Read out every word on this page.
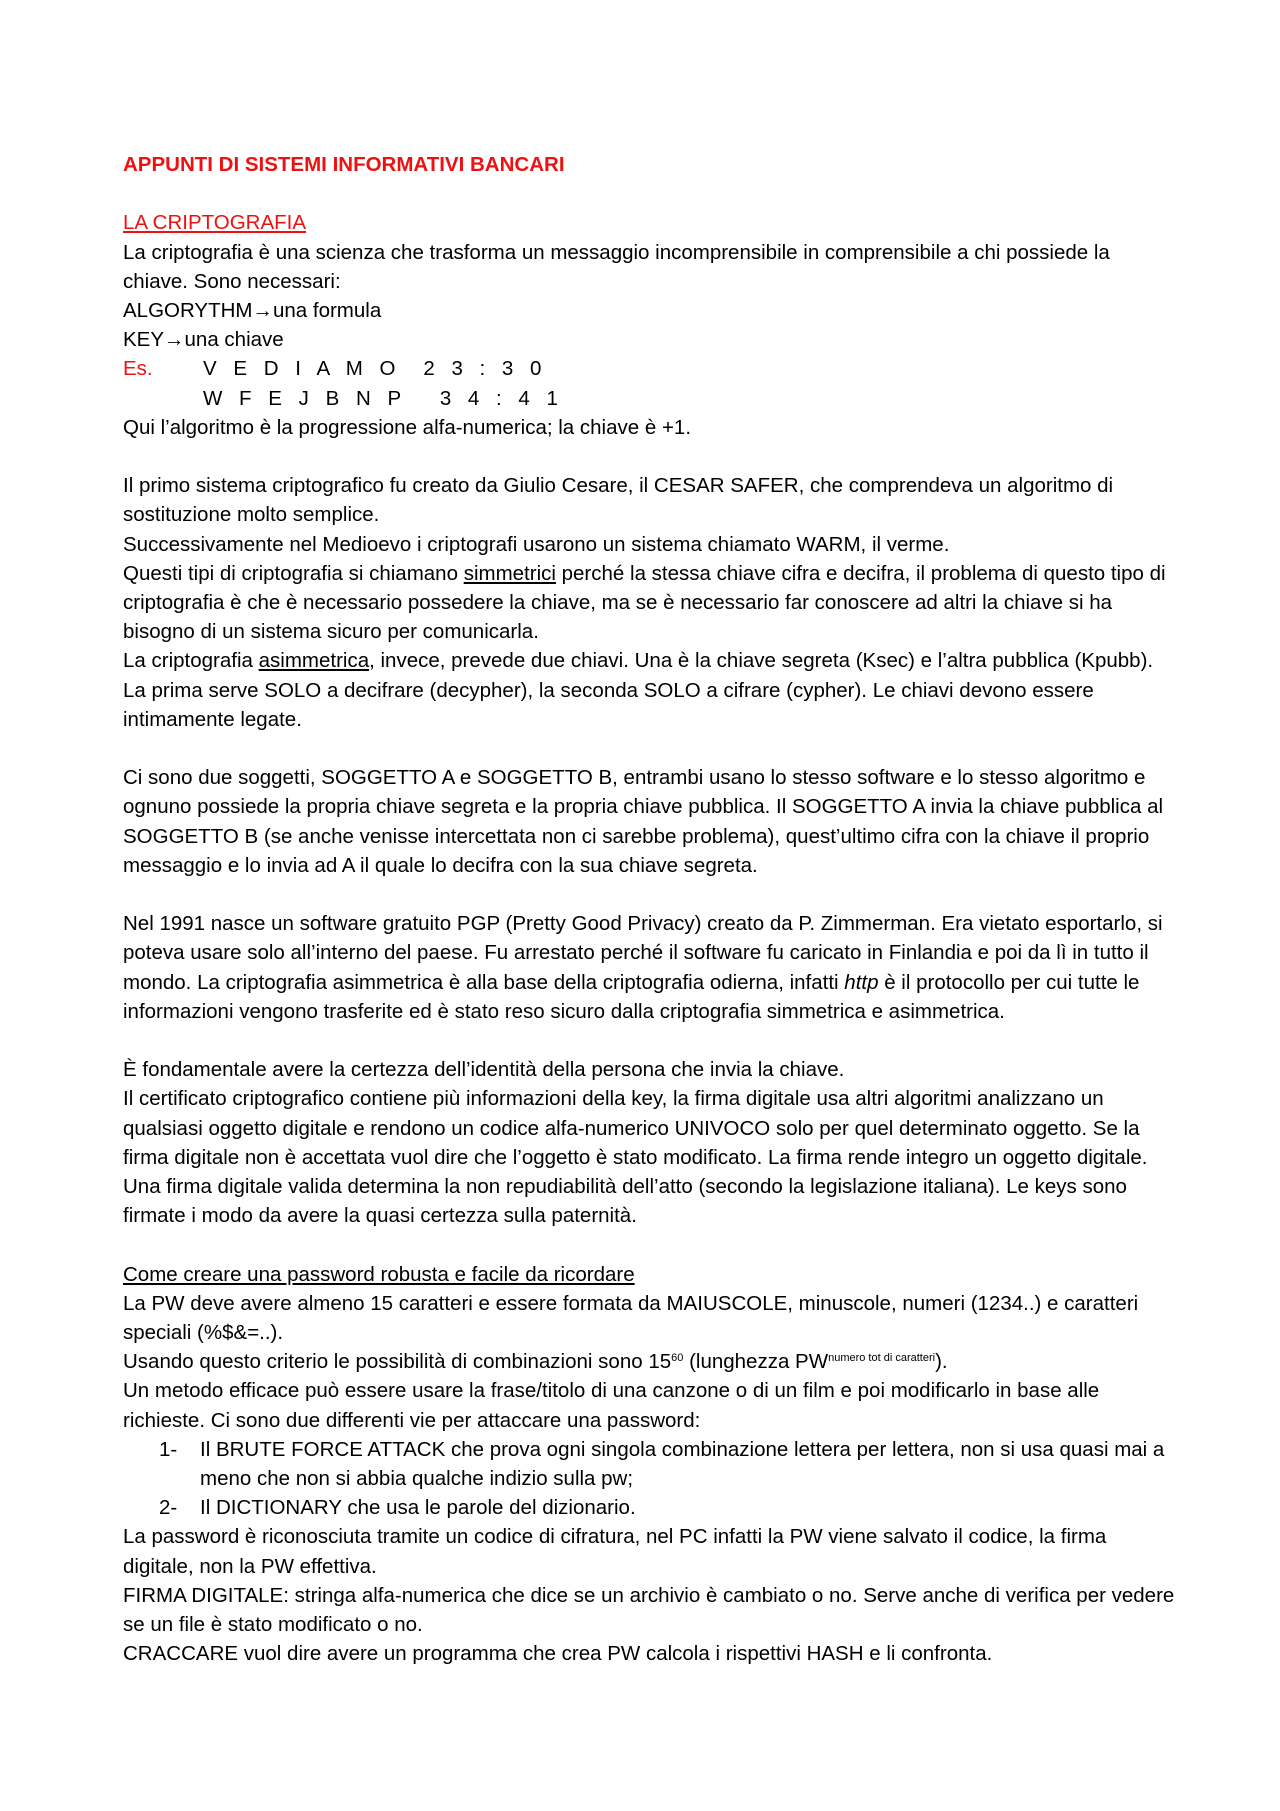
APPUNTI DI SISTEMI INFORMATIVI BANCARI

LA CRIPTOGRAFIA

La criptografia è una scienza che trasforma un messaggio incomprensibile in comprensibile a chi possiede la chiave. Sono necessari:

ALGORYTHM→una formula

KEY→una chiave

Es.	V E D I A M O  2 3 : 3 0
W F E J B N P   3 4 : 4 1

Qui l’algoritmo è la progressione alfa-numerica; la chiave è +1.

Il primo sistema criptografico fu creato da Giulio Cesare, il CESAR SAFER, che comprendeva un algoritmo di sostituzione molto semplice.

Successivamente nel Medioevo i criptografi usarono un sistema chiamato WARM, il verme.

Questi tipi di criptografia si chiamano simmetrici perché la stessa chiave cifra e decifra, il problema di questo tipo di criptografia è che è necessario possedere la chiave, ma se è necessario far conoscere ad altri la chiave si ha bisogno di un sistema sicuro per comunicarla.

La criptografia asimmetrica, invece, prevede due chiavi. Una è la chiave segreta (Ksec) e l’altra pubblica (Kpubb). La prima serve SOLO a decifrare (decypher), la seconda SOLO a cifrare (cypher). Le chiavi devono essere intimamente legate.

Ci sono due soggetti, SOGGETTO A e SOGGETTO B, entrambi usano lo stesso software e lo stesso algoritmo e ognuno possiede la propria chiave segreta e la propria chiave pubblica. Il SOGGETTO A invia la chiave pubblica al SOGGETTO B (se anche venisse intercettata non ci sarebbe problema), quest’ultimo cifra con la chiave il proprio messaggio e lo invia ad A il quale lo decifra con la sua chiave segreta.

Nel 1991 nasce un software gratuito PGP (Pretty Good Privacy) creato da P. Zimmerman. Era vietato esportarlo, si poteva usare solo all’interno del paese. Fu arrestato perché il software fu caricato in Finlandia e poi da lì in tutto il mondo. La criptografia asimmetrica è alla base della criptografia odierna, infatti http è il protocollo per cui tutte le informazioni vengono trasferite ed è stato reso sicuro dalla criptografia simmetrica e asimmetrica.

È fondamentale avere la certezza dell’identità della persona che invia la chiave.

Il certificato criptografico contiene più informazioni della key, la firma digitale usa altri algoritmi analizzano un qualsiasi oggetto digitale e rendono un codice alfa-numerico UNIVOCO solo per quel determinato oggetto. Se la firma digitale non è accettata vuol dire che l’oggetto è stato modificato. La firma rende integro un oggetto digitale. Una firma digitale valida determina la non repudiabilità dell’atto (secondo la legislazione italiana). Le keys sono firmate i modo da avere la quasi certezza sulla paternità.

Come creare una password robusta e facile da ricordare

La PW deve avere almeno 15 caratteri e essere formata da MAIUSCOLE, minuscole, numeri (1234..) e caratteri speciali (%$&=..).

Usando questo criterio le possibilità di combinazioni sono $15^{60}$ (lunghezza $PW^{numero tot di caratteri}$).

Un metodo efficace può essere usare la frase/titolo di una canzone o di un film e poi modificarlo in base alle richieste. Ci sono due differenti vie per attaccare una password:

1-	Il BRUTE FORCE ATTACK che prova ogni singola combinazione lettera per lettera, non si usa quasi mai a meno che non si abbia qualche indizio sulla pw;
2-	Il DICTIONARY che usa le parole del dizionario.

La password è riconosciuta tramite un codice di cifratura, nel PC infatti la PW viene salvato il codice, la firma digitale, non la PW effettiva.

FIRMA DIGITALE: stringa alfa-numerica che dice se un archivio è cambiato o no. Serve anche di verifica per vedere se un file è stato modificato o no.

CRACCARE vuol dire avere un programma che crea PW calcola i rispettivi HASH e li confronta.
